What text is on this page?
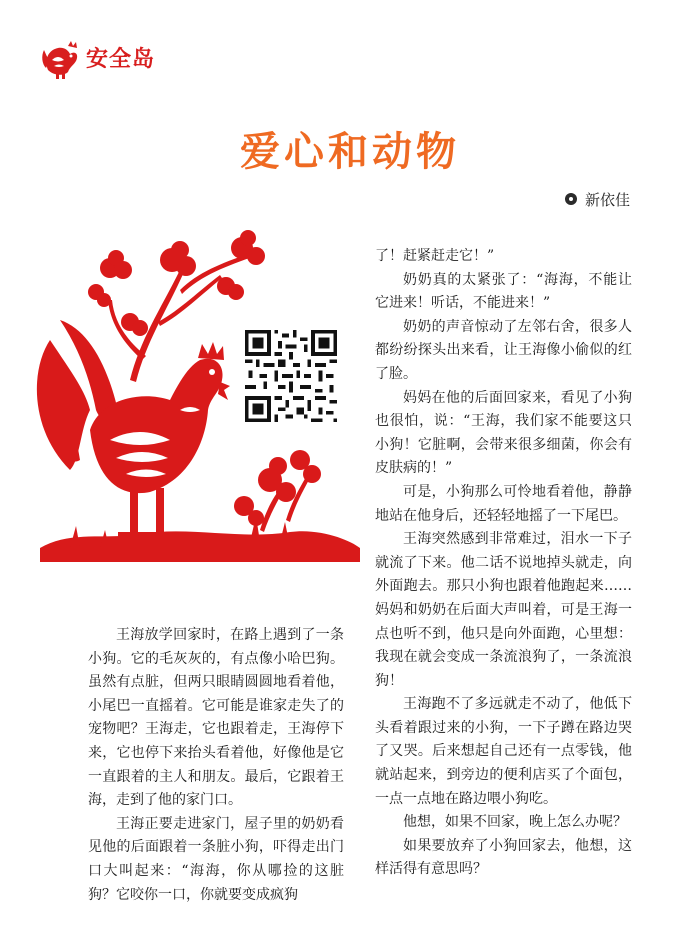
安全岛
爱心和动物
新依佳

王海放学回家时，在路上遇到了一条小狗。它的毛灰灰的，有点像小哈巴狗。虽然有点脏，但两只眼睛圆圆地看着他，小尾巴一直摇着。它可能是谁家走失了的宠物吧？王海走，它也跟着走，王海停下来，它也停下来抬头看着他，好像他是它一直跟着的主人和朋友。最后，它跟着王海，走到了他的家门口。

王海正要走进家门，屋子里的奶奶看见他的后面跟着一条脏小狗，吓得走出门口大叫起来：“海海，你从哪捡的这脏狗？它咬你一口，你就要变成疯狗

了！赶紧赶走它！”

奶奶真的太紧张了：“海海，不能让它进来！听话，不能进来！”

奶奶的声音惊动了左邻右舍，很多人都纷纷探头出来看，让王海像小偷似的红了脸。

妈妈在他的后面回家来，看见了小狗也很怕，说：“王海，我们家不能要这只小狗！它脏啊，会带来很多细菌，你会有皮肤病的！”

可是，小狗那么可怜地看着他，静静地站在他身后，还轻轻地摇了一下尾巴。

王海突然感到非常难过，泪水一下子就流了下来。他二话不说地掉头就走，向外面跑去。那只小狗也跟着他跑起来……妈妈和奶奶在后面大声叫着，可是王海一点也听不到，他只是向外面跑，心里想：我现在就会变成一条流浪狗了，一条流浪狗！

王海跑不了多远就走不动了，他低下头看着跟过来的小狗，一下子蹲在路边哭了又哭。后来想起自己还有一点零钱，他就站起来，到旁边的便利店买了个面包，一点一点地在路边喂小狗吃。

他想，如果不回家，晚上怎么办呢？

如果要放弃了小狗回家去，他想，这样活得有意思吗？
